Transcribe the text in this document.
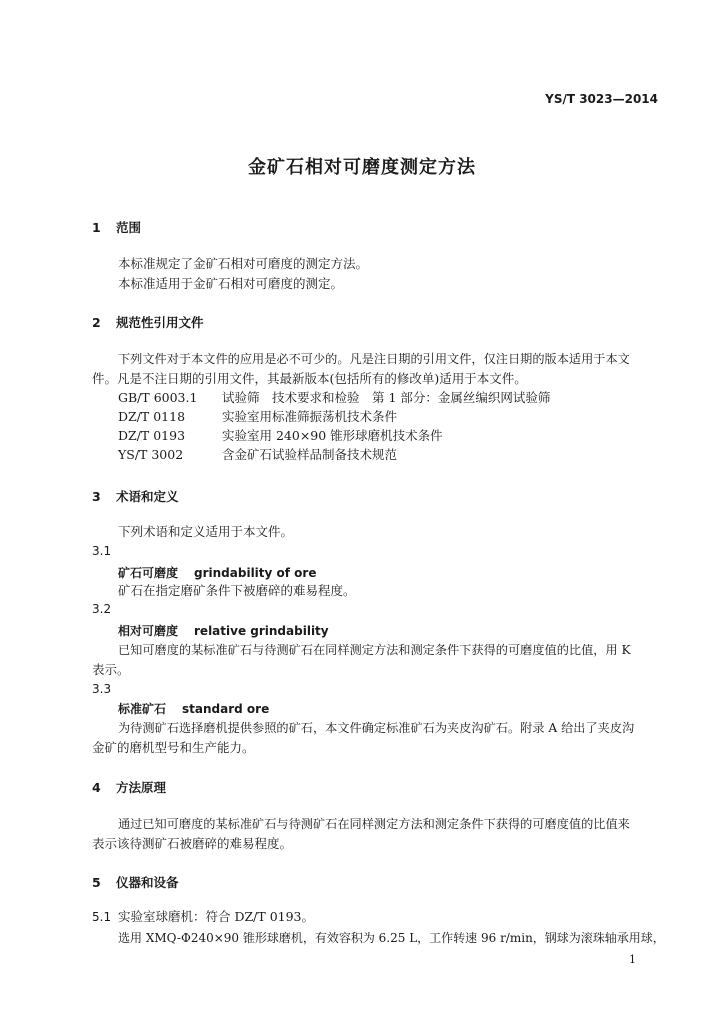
YS/T 3023—2014
金矿石相对可磨度测定方法
1 范围
本标准规定了金矿石相对可磨度的测定方法。
本标准适用于金矿石相对可磨度的测定。
2 规范性引用文件
下列文件对于本文件的应用是必不可少的。凡是注日期的引用文件，仅注日期的版本适用于本文
件。凡是不注日期的引用文件，其最新版本(包括所有的修改单)适用于本文件。
GB/T 6003.1 试验筛　技术要求和检验　第 1 部分：金属丝编织网试验筛
DZ/T 0118	实验室用标准筛振荡机技术条件
DZ/T 0193	实验室用 240×90 锥形球磨机技术条件
YS/T 3002	含金矿石试验样品制备技术规范
3 术语和定义
下列术语和定义适用于本文件。
3.1
矿石可磨度 grindability of ore
矿石在指定磨矿条件下被磨碎的难易程度。
3.2
相对可磨度 relative grindability
已知可磨度的某标准矿石与待测矿石在同样测定方法和测定条件下获得的可磨度值的比值，用 K
表示。
3.3
标准矿石 standard ore
为待测矿石选择磨机提供参照的矿石，本文件确定标准矿石为夹皮沟矿石。附录 A 给出了夹皮沟
金矿的磨机型号和生产能力。
4 方法原理
通过已知可磨度的某标准矿石与待测矿石在同样测定方法和测定条件下获得的可磨度值的比值来
表示该待测矿石被磨碎的难易程度。
5 仪器和设备
5.1 实验室球磨机：符合 DZ/T 0193。
选用 XMQ-Φ240×90 锥形球磨机，有效容积为 6.25 L，工作转速 96 r/min，钢球为滚珠轴承用球，
1
